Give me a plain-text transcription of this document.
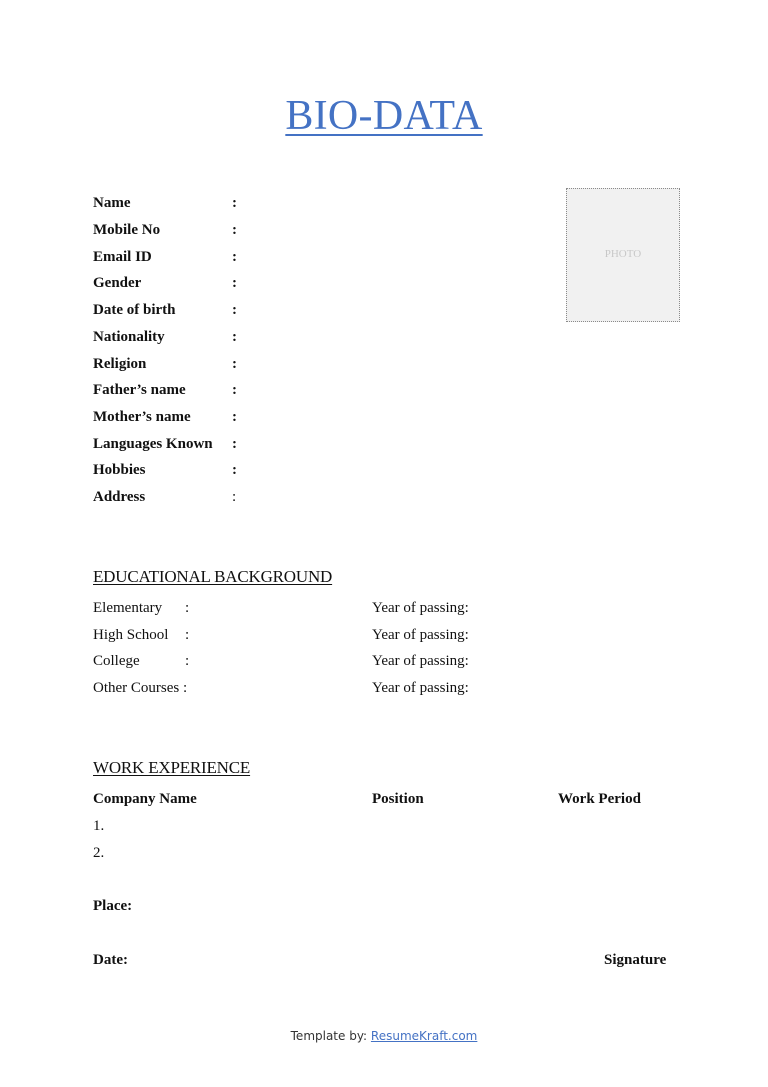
BIO-DATA
Name	:
Mobile No	:
Email ID	:
Gender	:
Date of birth	:
Nationality	:
Religion	:
Father’s name	:
Mother’s name	:
Languages Known :
Hobbies	:
Address	:
PHOTO
EDUCATIONAL BACKGROUND
Elementary :	Year of passing:
High School :	Year of passing:
College	:	Year of passing:
Other Courses :	Year of passing:
WORK EXPERIENCE
Company Name	Position	Work Period
1.
2.
Place:
Date:	Signature
Template by: ResumeKraft.com
